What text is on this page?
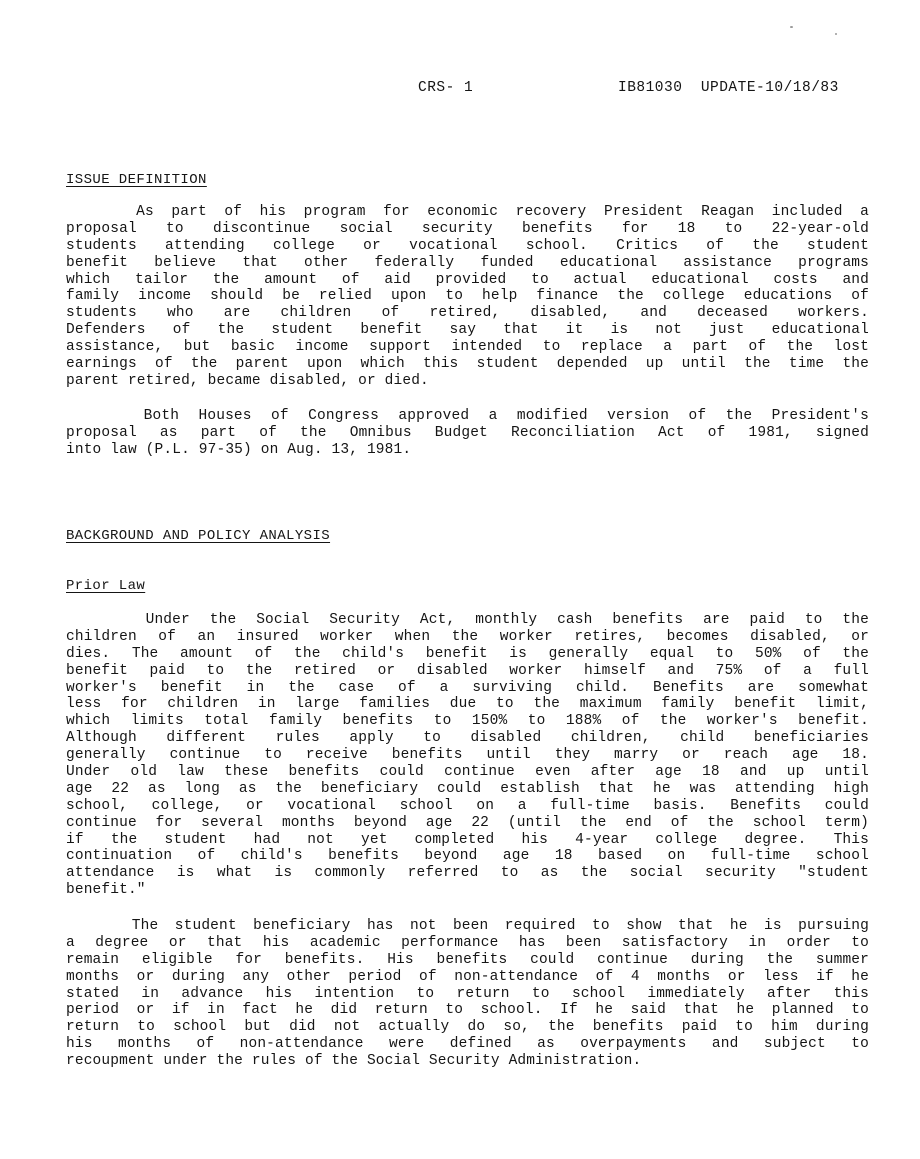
CRS- 1	IB81030  UPDATE-10/18/83
ISSUE DEFINITION
As part of his program for economic recovery President Reagan included a
proposal to discontinue social security benefits for 18 to 22-year-old
students attending college or vocational school. Critics of the student
benefit believe that other federally funded educational assistance programs
which tailor the amount of aid provided to actual educational costs and
family income should be relied upon to help finance the college educations of
students who are children of retired, disabled, and deceased workers.
Defenders of the student benefit say that it is not just educational
assistance, but basic income support intended to replace a part of the lost
earnings of the parent upon which this student depended up until the time the
parent retired, became disabled, or died.
Both Houses of Congress approved a modified version of the President's
proposal as part of the Omnibus Budget Reconciliation Act of 1981, signed
into law (P.L. 97-35) on Aug. 13, 1981.
BACKGROUND AND POLICY ANALYSIS
Prior Law
Under the Social Security Act, monthly cash benefits are paid to the
children of an insured worker when the worker retires, becomes disabled, or
dies. The amount of the child's benefit is generally equal to 50% of the
benefit paid to the retired or disabled worker himself and 75% of a full
worker's benefit in the case of a surviving child. Benefits are somewhat
less for children in large families due to the maximum family benefit limit,
which limits total family benefits to 150% to 188% of the worker's benefit.
Although different rules apply to disabled children, child beneficiaries
generally continue to receive benefits until they marry or reach age 18.
Under old law these benefits could continue even after age 18 and up until
age 22 as long as the beneficiary could establish that he was attending high
school, college, or vocational school on a full-time basis. Benefits could
continue for several months beyond age 22 (until the end of the school term)
if the student had not yet completed his 4-year college degree. This
continuation of child's benefits beyond age 18 based on full-time school
attendance is what is commonly referred to as the social security "student
benefit."
The student beneficiary has not been required to show that he is pursuing
a degree or that his academic performance has been satisfactory in order to
remain eligible for benefits. His benefits could continue during the summer
months or during any other period of non-attendance of 4 months or less if he
stated in advance his intention to return to school immediately after this
period or if in fact he did return to school. If he said that he planned to
return to school but did not actually do so, the benefits paid to him during
his months of non-attendance were defined as overpayments and subject to
recoupment under the rules of the Social Security Administration.
